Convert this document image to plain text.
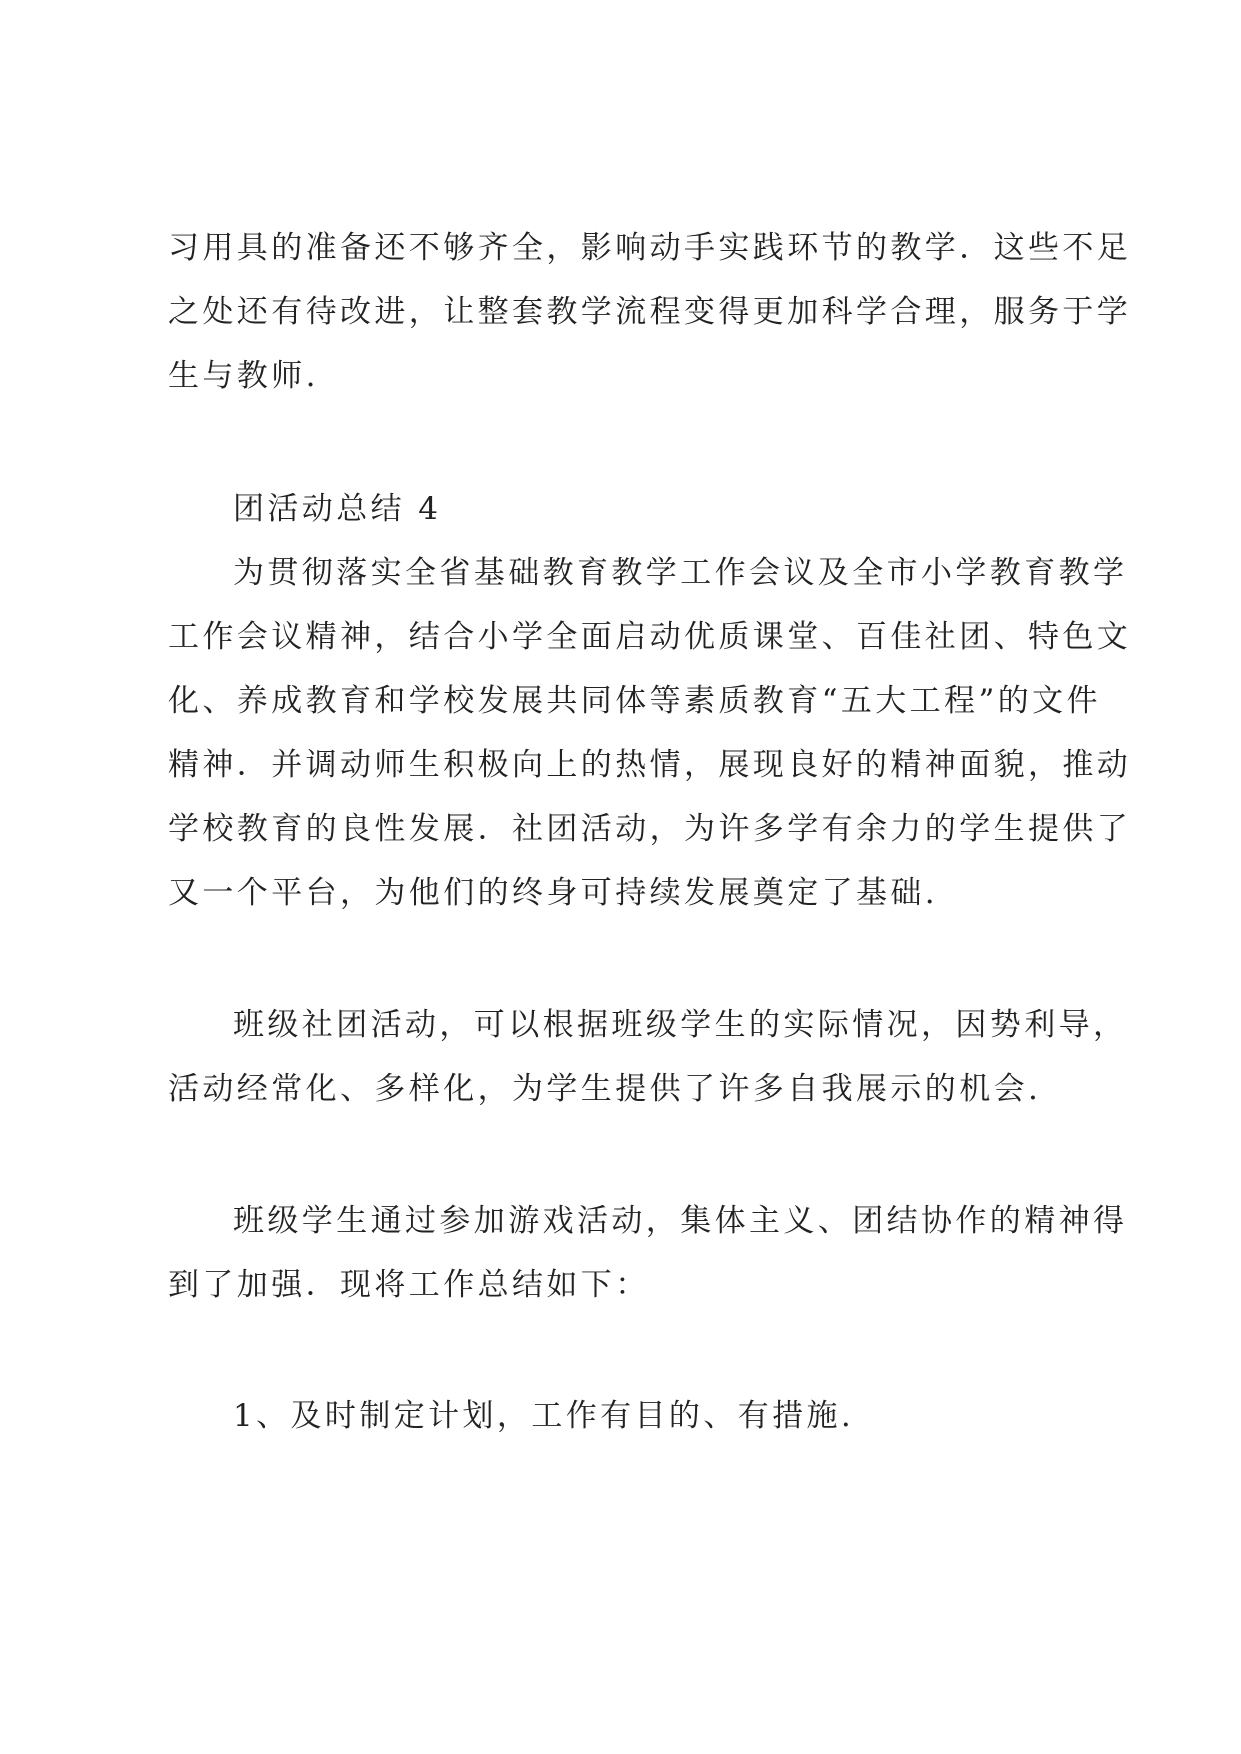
习用具的准备还不够齐全，影响动手实践环节的教学．这些不足
之处还有待改进，让整套教学流程变得更加科学合理，服务于学
生与教师.
团活动总结 4
为贯彻落实全省基础教育教学工作会议及全市小学教育教学
工作会议精神，结合小学全面启动优质课堂、百佳社团、特色文
化、养成教育和学校发展共同体等素质教育“五大工程”的文件
精神．并调动师生积极向上的热情，展现良好的精神面貌，推动
学校教育的良性发展．社团活动，为许多学有余力的学生提供了
又一个平台，为他们的终身可持续发展奠定了基础.
班级社团活动，可以根据班级学生的实际情况，因势利导，
活动经常化、多样化，为学生提供了许多自我展示的机会.
班级学生通过参加游戏活动，集体主义、团结协作的精神得
到了加强．现将工作总结如下：
1、及时制定计划，工作有目的、有措施.
